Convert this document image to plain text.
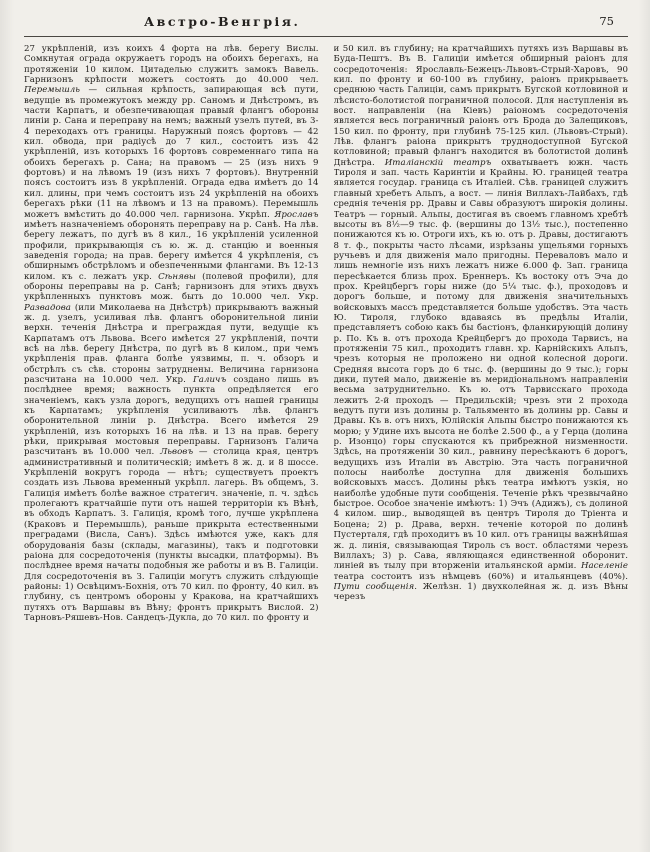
Австро-Венгрія.	75
27 укрѣпленій, изъ коихъ 4 форта на лѣв. берегу Вислы. Сомкнутая ограда окружаетъ городъ на обоихъ берегахъ, на протяженіи 10 килом. Цитаделью служитъ замокъ Вавель. Гарнизонъ крѣпости можетъ состоять до 40.000 чел. Перемышль — сильная крѣпость, запирающая всѣ пути, ведущіе въ промежутокъ между рр. Саномъ и Днѣстромъ, въ части Карпатъ, и обезпечивающая правый флангъ обороны линіи р. Сана и переправу на немъ; важный узелъ путей, въ 3-4 переходахъ отъ границы. Наружный поясъ фортовъ — 42 кил. обвода, при радіусѣ до 7 кил., состоитъ изъ 42 укрѣпленій, изъ которыхъ 16 фортовъ современнаго типа на обоихъ берегахъ р. Сана; на правомъ — 25 (изъ нихъ 9 фортовъ) и на лѣвомъ 19 (изъ нихъ 7 фортовъ). Внутренній поясъ состоитъ изъ 8 укрѣпленій. Ограда едва имѣетъ до 14 кил. длины, при чемъ состоитъ изъ 24 укрѣпленій на обоихъ берегахъ рѣки (11 на лѣвомъ и 13 на правомъ). Перемышль можетъ вмѣстить до 40.000 чел. гарнизона. Укрѣп. Ярославъ имѣетъ назначеніемъ оборонять переправу на р. Санѣ. На лѣв. берегу лежатъ, по дугѣ въ 8 кил., 16 укрѣпленій усиленной профили, прикрывающія съ ю. ж. д. станцію и военныя заведенія города; на прав. берегу имѣется 4 укрѣпленія, съ обширнымъ обстрѣломъ и обезпеченными флангами. Въ 12-13 килом. къ с. лежатъ укр. Сѣнявы (полевой профили), для обороны переправы на р. Санѣ; гарнизонъ для этихъ двухъ укрѣпленныхъ пунктовъ мож. быть до 10.000 чел. Укр. Развадова (или Миколаева на Днѣстрѣ) прикрываютъ важный ж. д. узелъ, усиливая лѣв. флангъ оборонительной линіи верхн. теченія Днѣстра и преграждая пути, ведущіе къ Карпатамъ отъ Львова. Всего имѣется 27 укрѣпленій, почти всѣ на лѣв. берегу Днѣстра, по дугѣ въ 8 килом., при чемъ укрѣпленія прав. фланга болѣе уязвимы, п. ч. обзоръ и обстрѣлъ съ сѣв. стороны затруднены. Величина гарнизона разсчитана на 10.000 чел. Укр. Галичъ создано лишь въ послѣднее время; важность пункта опредѣляется его значеніемъ, какъ узла дорогъ, ведущихъ отъ нашей границы къ Карпатамъ; укрѣпленія усиливаютъ лѣв. флангъ оборонительной линіи р. Днѣстра. Всего имѣется 29 укрѣпленій, изъ которыхъ 16 на лѣв. и 13 на прав. берегу рѣки, прикрывая мостовыя переправы. Гарнизонъ Галича разсчитанъ въ 10.000 чел. Львовъ — столица края, центръ административный и политическій; имѣетъ 8 ж. д. и 8 шоссе. Укрѣпленій вокругъ города — нѣтъ; существуетъ проектъ создать изъ Львова временный укрѣпл. лагерь. Въ общемъ, З. Галиція имѣетъ болѣе важное стратегич. значеніе, п. ч. здѣсь пролегаютъ кратчайшіе пути отъ нашей территоріи къ Вѣнѣ, въ обходъ Карпатъ. З. Галиція, кромѣ того, лучше укрѣплена (Краковъ и Перемышль), раньше прикрыта естественными преградами (Висла, Санъ). Здѣсь имѣются уже, какъ для оборудованія базы (склады, магазины), такъ и подготовки раіона для сосредоточенія (пункты высадки, платформы). Въ послѣднее время начаты подобныя же работы и въ В. Галиціи. Для сосредоточенія въ З. Галиціи могутъ служить слѣдующіе районы: 1) Освѣцимъ-Бохнія, отъ 70 кил. по фронту, 40 кил. въ глубину, съ центромъ обороны у Кракова, на кратчайшихъ путяхъ отъ Варшавы въ Вѣну; фронтъ прикрытъ Вислой. 2) Тарновъ-Ряшевъ-Нов. Сандецъ-Дукла, до 70 кил. по фронту и
и 50 кил. въ глубину; на кратчайшихъ путяхъ изъ Варшавы въ Буда-Пештъ. Въ В. Галиціи имѣется обширный раіонъ для сосредоточенія: Ярославль-Бежецъ-Львовъ-Стрый-Харовъ, 90 кил. по фронту и 60-100 въ глубину, раіонъ прикрываетъ среднюю часть Галиціи, самъ прикрытъ Бугской котловиной и лѣсисто-болотистой пограничной полосой. Для наступленія въ вост. направленіи (на Кіевъ) раіономъ сосредоточенія является весь пограничный раіонъ отъ Брода до Залещиковъ, 150 кил. по фронту, при глубинѣ 75-125 кил. (Львовъ-Стрый). Лѣв. флангъ раіона прикрытъ труднодоступной Бугской котловиной; правый флангъ находится въ болотистой долинѣ Днѣстра. Италіанскій театръ охватываетъ южн. часть Тироля и зап. часть Каринтіи и Крайны. Ю. границей театра является государ. граница съ Италіей. Сѣв. границей служитъ главный хребетъ Альпъ, а вост. — линія Виллахъ-Лайбахъ, гдѣ среднія теченія рр. Дравы и Савы образуютъ широкія долины. Театръ — горный. Альпы, достигая въ своемъ главномъ хребтѣ высоты въ 8½—9 тыс. ф. (вершины до 13½ тыс.), постепенно понижаются къ ю. Отроги ихъ, къ ю. отъ р. Дравы, достигаютъ 8 т. ф., покрыты часто лѣсами, изрѣзаны ущельями горныхъ ручьевъ и для движенія мало пригодны. Переваловъ мало и лишь немногіе изъ нихъ лежатъ ниже 6.000 ф. Зап. граница пересѣкается близь прох. Бреннеръ. Къ востоку отъ Эча до прох. Крейцбергъ горы ниже (до 5¼ тыс. ф.), проходовъ и дорогъ больше, и потому для движенія значительныхъ войсковыхъ массъ представляется больше удобствъ. Эта часть Ю. Тироля, глубоко вдаваясь въ предѣлы Италіи, представляетъ собою какъ бы бастіонъ, фланкирующій долину р. По. Къ в. отъ прохода Крейцбергъ до прохода Тарвисъ, на протяженіи 75 кил., проходитъ главн. хр. Карнійскихъ Альпъ, чрезъ которыя не проложено ни одной колесной дороги. Средняя высота горъ до 6 тыс. ф. (вершины до 9 тыс.); горы дики, путей мало, движеніе въ меридіональномъ направленіи весьма затруднительно. Къ ю. отъ Тарвисскаго прохода лежитъ 2-й проходъ — Предильскій; чрезъ эти 2 прохода ведутъ пути изъ долины р. Тальяменто въ долины рр. Савы и Дравы. Къ в. отъ нихъ, Юлійскія Альпы быстро понижаются къ морю; у Удине ихъ высота не болѣе 2.500 ф., а у Герца (долина р. Изонцо) горы спускаются къ прибрежной низменности. Здѣсь, на протяженіи 30 кил., равнину пересѣкаютъ 6 дорогъ, ведущихъ изъ Италіи въ Австрію. Эта часть пограничной полосы наиболѣе доступна для движенія большихъ войсковыхъ массъ. Долины рѣкъ театра имѣютъ узкія, но наиболѣе удобные пути сообщенія. Теченіе рѣкъ чрезвычайно быстрое. Особое значеніе имѣютъ: 1) Эчъ (Адижъ), съ долиной 4 килом. шир., выводящей въ центръ Тироля до Тріента и Боцена; 2) р. Драва, верхн. теченіе которой по долинѣ Пустерталя, гдѣ проходитъ въ 10 кил. отъ границы важнѣйшая ж. д. линія, связывающая Тироль съ вост. областями черезъ Виллахъ; 3) р. Сава, являющаяся единственной оборонит. линіей въ тылу при вторженіи итальянской арміи. Населеніе театра состоитъ изъ нѣмцевъ (60%) и итальянцевъ (40%). Пути сообщенія. Желѣзн. 1) двухколейная ж. д. изъ Вѣны черезъ
